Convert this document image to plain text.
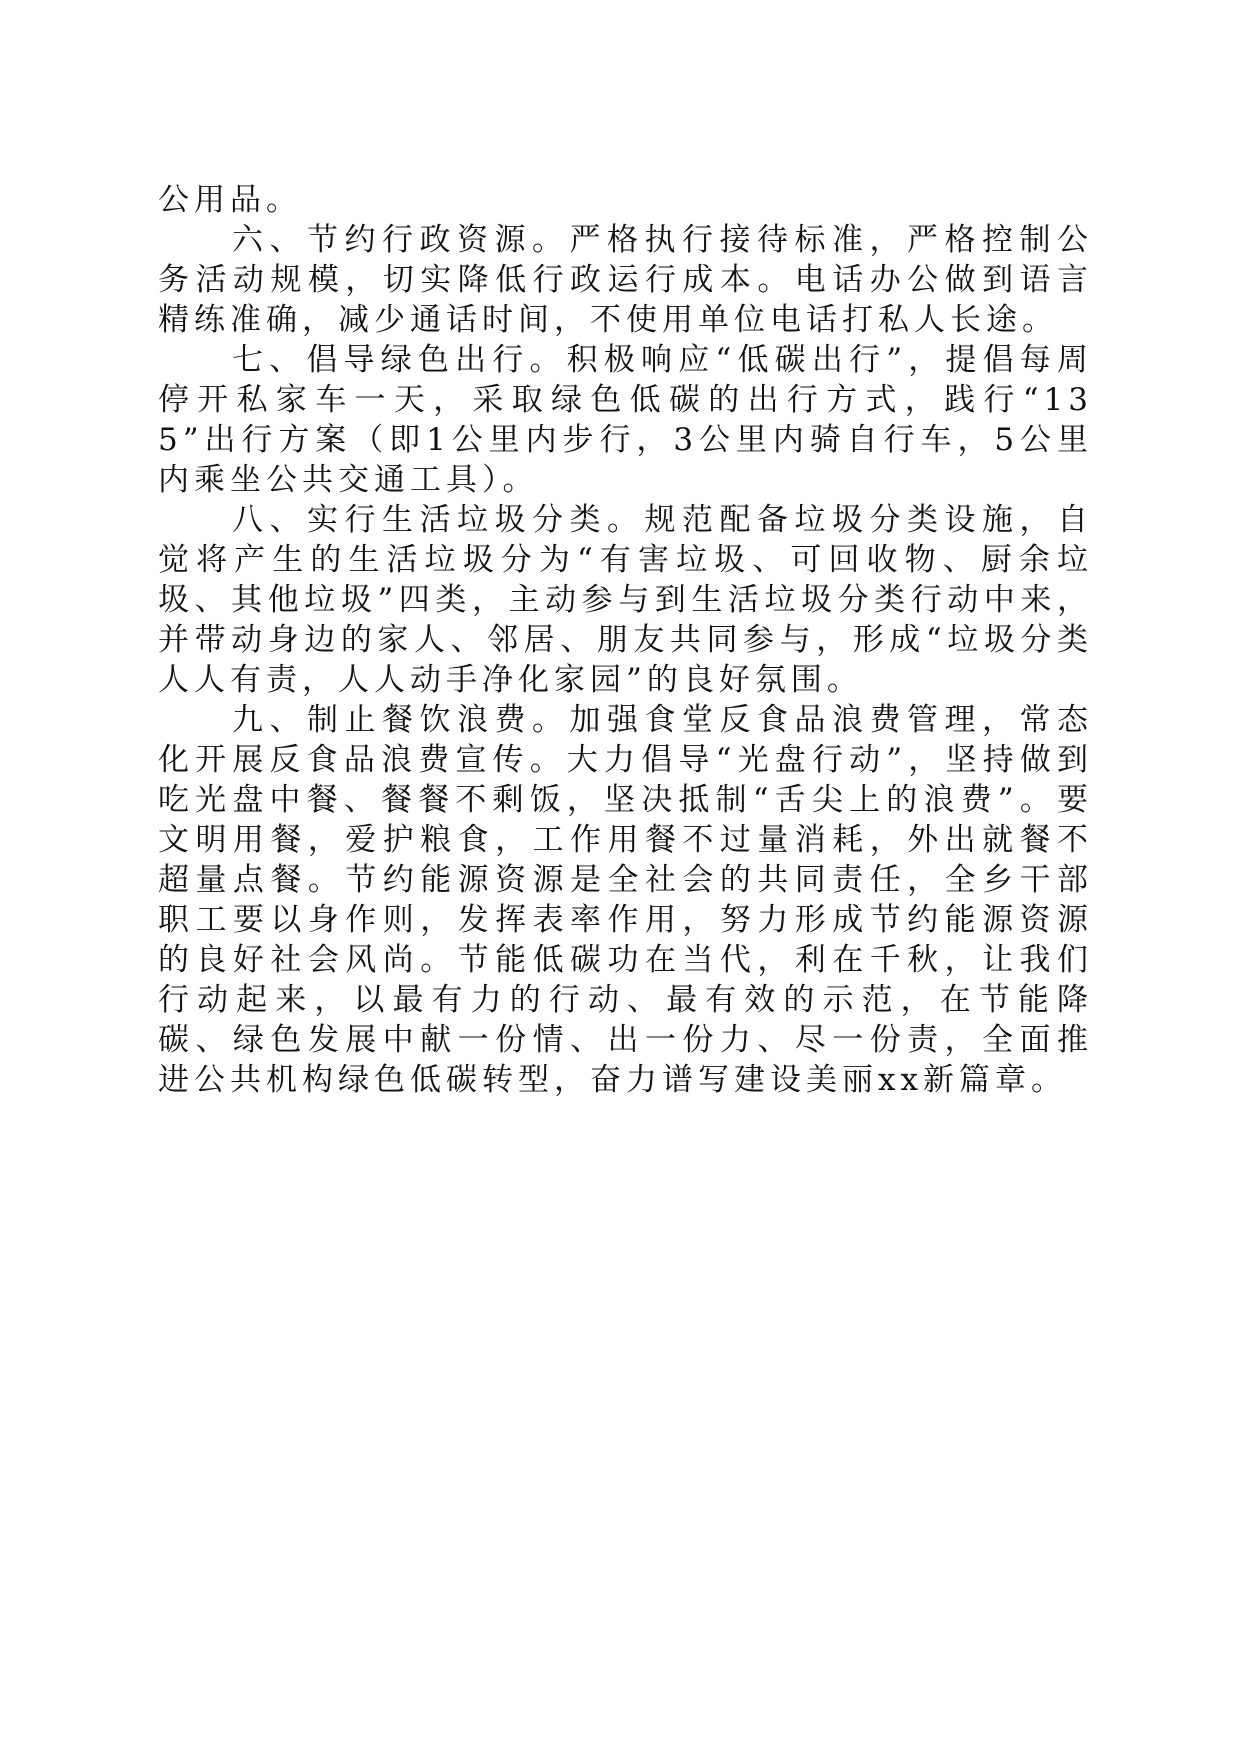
公用品。

六、节约行政资源。严格执行接待标准，严格控制公务活动规模，切实降低行政运行成本。电话办公做到语言精练准确，减少通话时间，不使用单位电话打私人长途。

七、倡导绿色出行。积极响应“低碳出行”，提倡每周停开私家车一天，采取绿色低碳的出行方式，践行“135”出行方案（即1公里内步行，3公里内骑自行车，5公里内乘坐公共交通工具）。

八、实行生活垃圾分类。规范配备垃圾分类设施，自觉将产生的生活垃圾分为“有害垃圾、可回收物、厨余垃圾、其他垃圾”四类，主动参与到生活垃圾分类行动中来，并带动身边的家人、邻居、朋友共同参与，形成“垃圾分类人人有责，人人动手净化家园”的良好氛围。

九、制止餐饮浪费。加强食堂反食品浪费管理，常态化开展反食品浪费宣传。大力倡导“光盘行动”，坚持做到吃光盘中餐、餐餐不剩饭，坚决抵制“舌尖上的浪费”。要文明用餐，爱护粮食，工作用餐不过量消耗，外出就餐不超量点餐。节约能源资源是全社会的共同责任，全乡干部职工要以身作则，发挥表率作用，努力形成节约能源资源的良好社会风尚。节能低碳功在当代，利在千秋，让我们行动起来，以最有力的行动、最有效的示范，在节能降碳、绿色发展中献一份情、出一份力、尽一份责，全面推进公共机构绿色低碳转型，奋力谱写建设美丽xx新篇章。
